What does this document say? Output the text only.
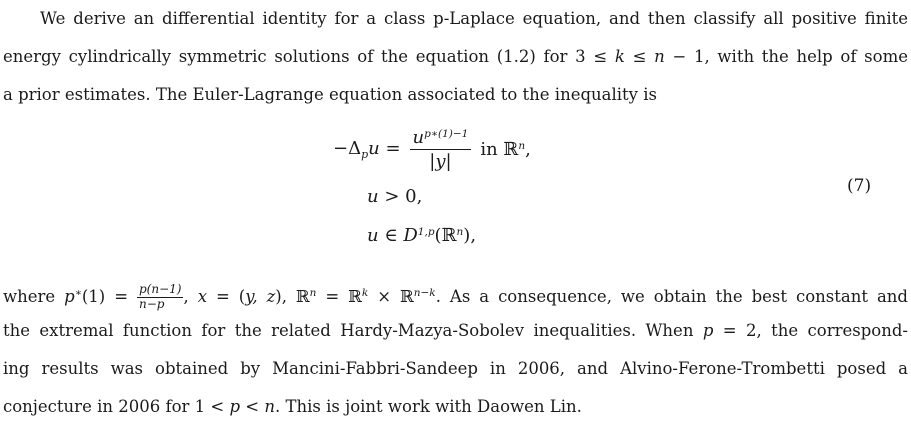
We derive an differential identity for a class p-Laplace equation, and then classify all positive finite
energy cylindrically symmetric solutions of the equation (1.2) for 3 ≤ k ≤ n − 1, with the help of some
a prior estimates. The Euler-Lagrange equation associated to the inequality is
$-\Delta_pu = \frac{u^{p∗(1)-1}}{|y|}$ in ℝ$^n$,
u > 0,
u ∈ D$^{1,p}$(ℝ$^n$),
(7)
where $p^∗(1) = \frac{p(n-1)}{n-p}$ , x = (y, z), ℝ$^n$ = ℝ$^k$ × ℝ$^{n-k}$. As a consequence, we obtain the best constant and
the extremal function for the related Hardy-Mazya-Sobolev inequalities. When p = 2, the correspond-
ing results was obtained by Mancini-Fabbri-Sandeep in 2006, and Alvino-Ferone-Trombetti posed a
conjecture in 2006 for 1 < p < n. This is joint work with Daowen Lin.
